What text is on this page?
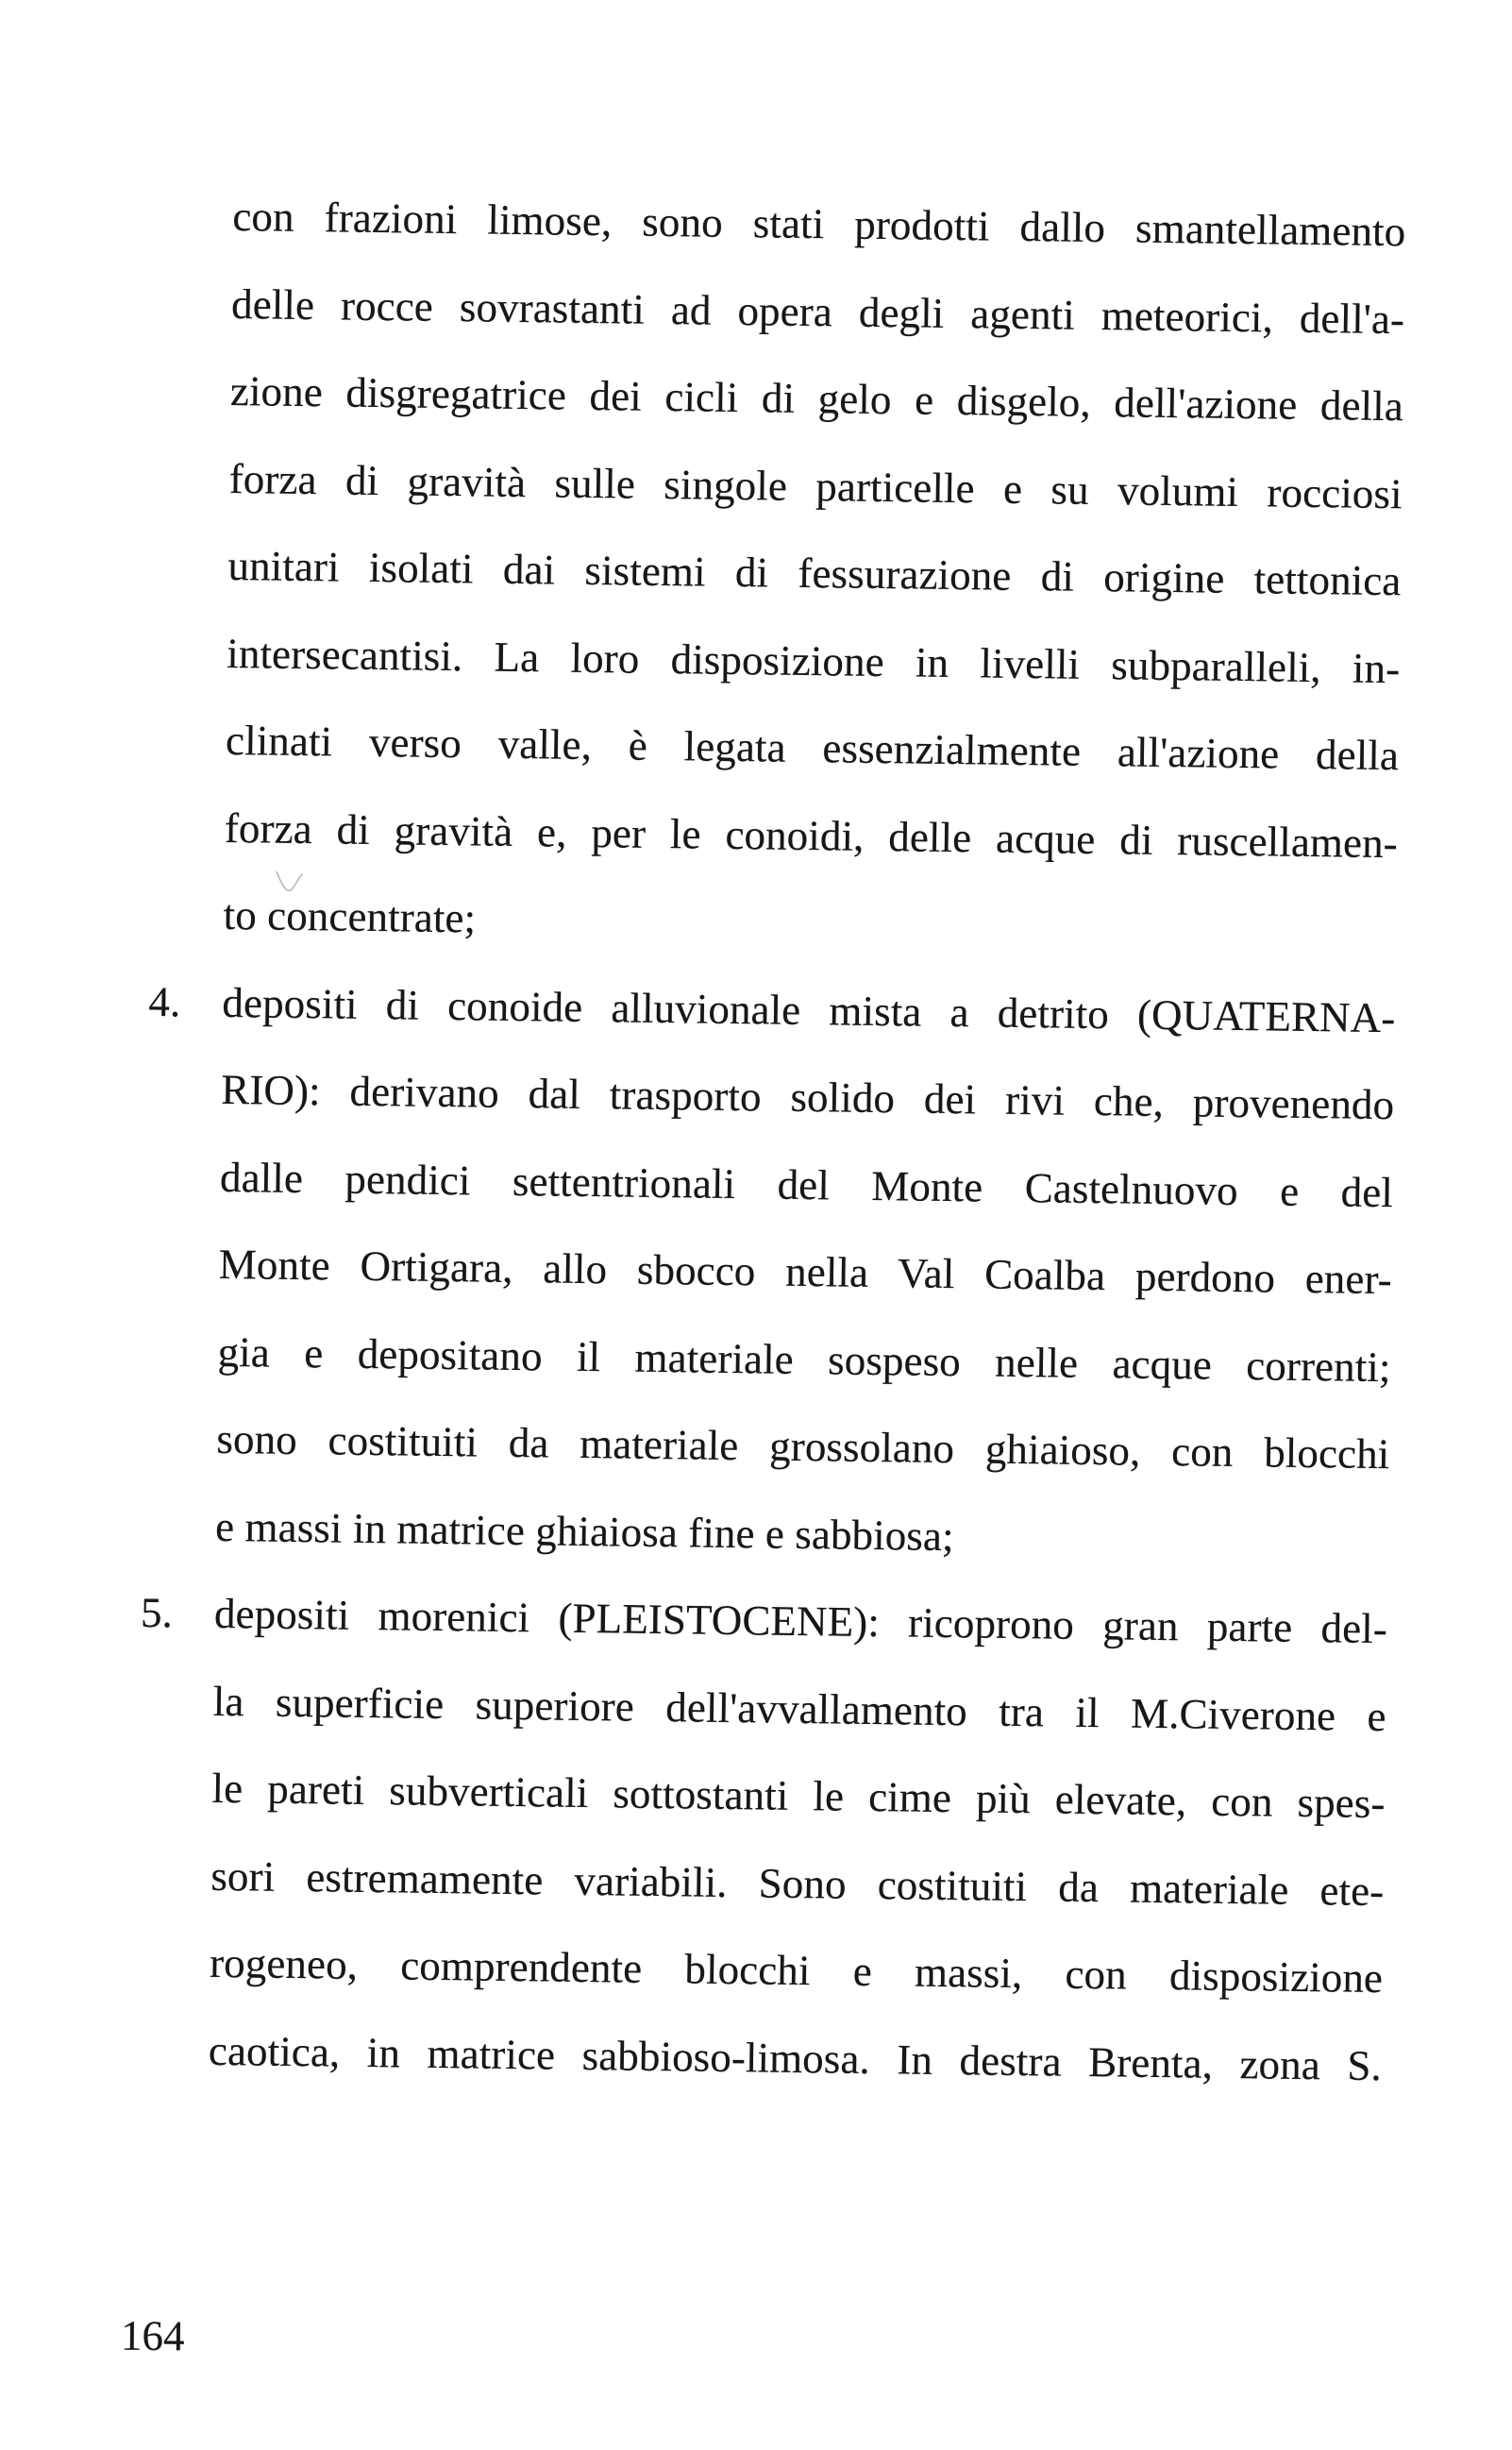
con frazioni limose, sono stati prodotti dallo smantellamento
delle rocce sovrastanti ad opera degli agenti meteorici, dell'a-
zione disgregatrice dei cicli di gelo e disgelo, dell'azione della
forza di gravità sulle singole particelle e su volumi rocciosi
unitari isolati dai sistemi di fessurazione di origine tettonica
intersecantisi. La loro disposizione in livelli subparalleli, in-
clinati verso valle, è legata essenzialmente all'azione della
forza di gravità e, per le conoidi, delle acque di ruscellamen-
to concentrate;
4. depositi di conoide alluvionale mista a detrito (QUATERNA-
RIO): derivano dal trasporto solido dei rivi che, provenendo
dalle pendici settentrionali del Monte Castelnuovo e del
Monte Ortigara, allo sbocco nella Val Coalba perdono ener-
gia e depositano il materiale sospeso nelle acque correnti;
sono costituiti da materiale grossolano ghiaioso, con blocchi
e massi in matrice ghiaiosa fine e sabbiosa;
5. depositi morenici (PLEISTOCENE): ricoprono gran parte del-
la superficie superiore dell'avvallamento tra il M.Civerone e
le pareti subverticali sottostanti le cime più elevate, con spes-
sori estremamente variabili. Sono costituiti da materiale ete-
rogeneo, comprendente blocchi e massi, con disposizione
caotica, in matrice sabbioso-limosa. In destra Brenta, zona S.
164
